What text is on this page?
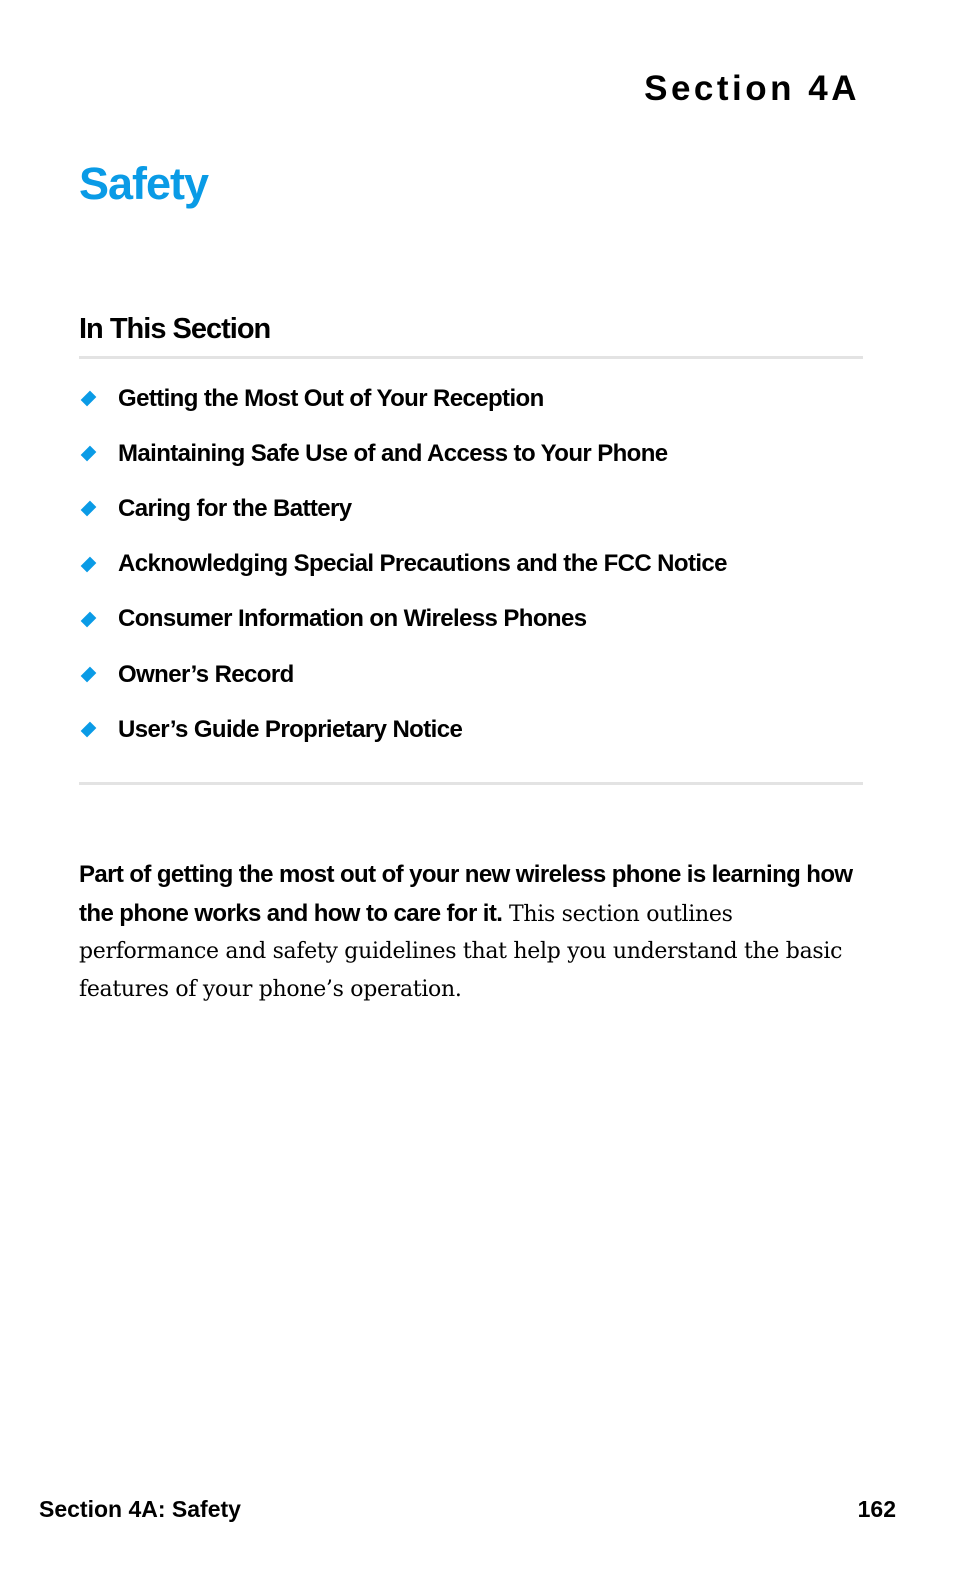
Section 4A
Safety
In This Section
Getting the Most Out of Your Reception
Maintaining Safe Use of and Access to Your Phone
Caring for the Battery
Acknowledging Special Precautions and the FCC Notice
Consumer Information on Wireless Phones
Owner’s Record
User’s Guide Proprietary Notice

Part of getting the most out of your new wireless phone is learning how the phone works and how to care for it. This section outlines performance and safety guidelines that help you understand the basic features of your phone’s operation.

Section 4A: Safety	162
